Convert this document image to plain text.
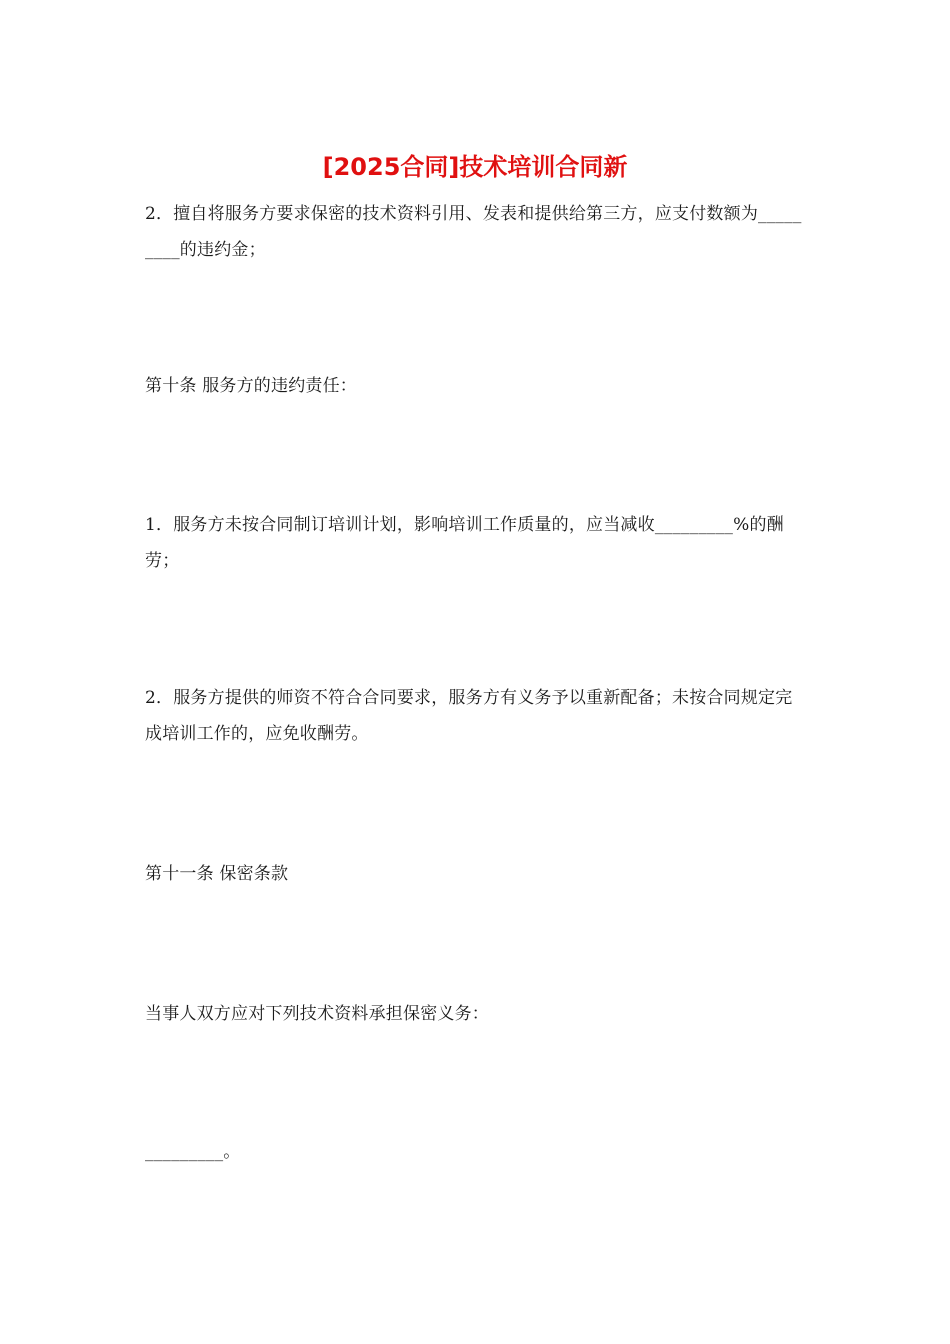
[2025合同]技术培训合同新

2．擅自将服务方要求保密的技术资料引用、发表和提供给第三方，应支付数额为_________的违约金；

第十条 服务方的违约责任：

1．服务方未按合同制订培训计划，影响培训工作质量的，应当减收_________%的酬劳；

2．服务方提供的师资不符合合同要求，服务方有义务予以重新配备；未按合同规定完成培训工作的，应免收酬劳。

第十一条 保密条款

当事人双方应对下列技术资料承担保密义务：

_________。
